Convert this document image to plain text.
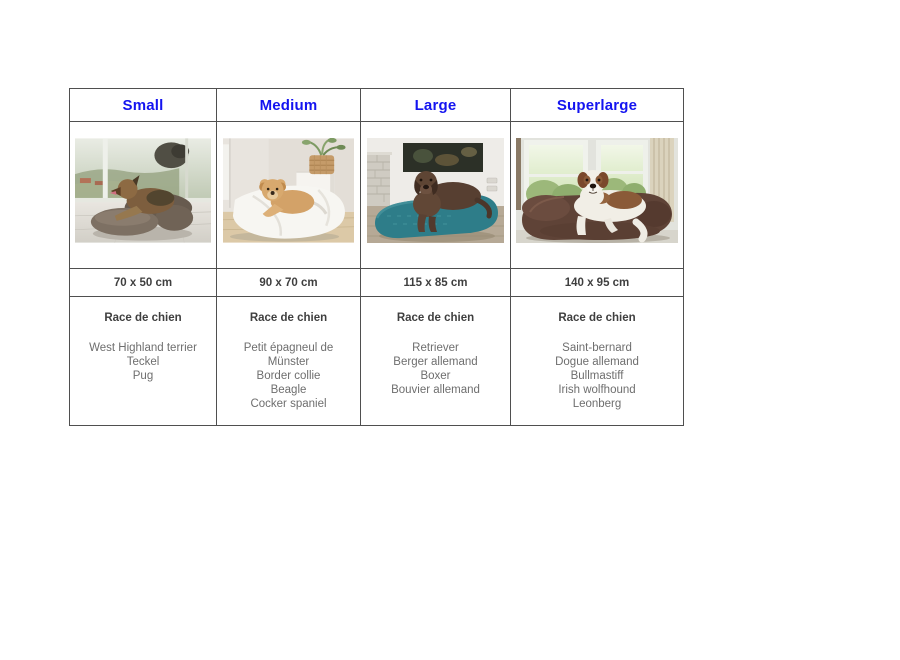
Small
70 x 50 cm
Race de chien
West Highland terrier
Teckel
Pug
Medium
90 x 70 cm
Race de chien
Petit épagneul de Münster
Border collie
Beagle
Cocker spaniel
Large
115 x 85 cm
Race de chien
Retriever
Berger allemand
Boxer
Bouvier allemand
Superlarge
140 x 95 cm
Race de chien
Saint-bernard
Dogue allemand
Bullmastiff
Irish wolfhound
Leonberg
